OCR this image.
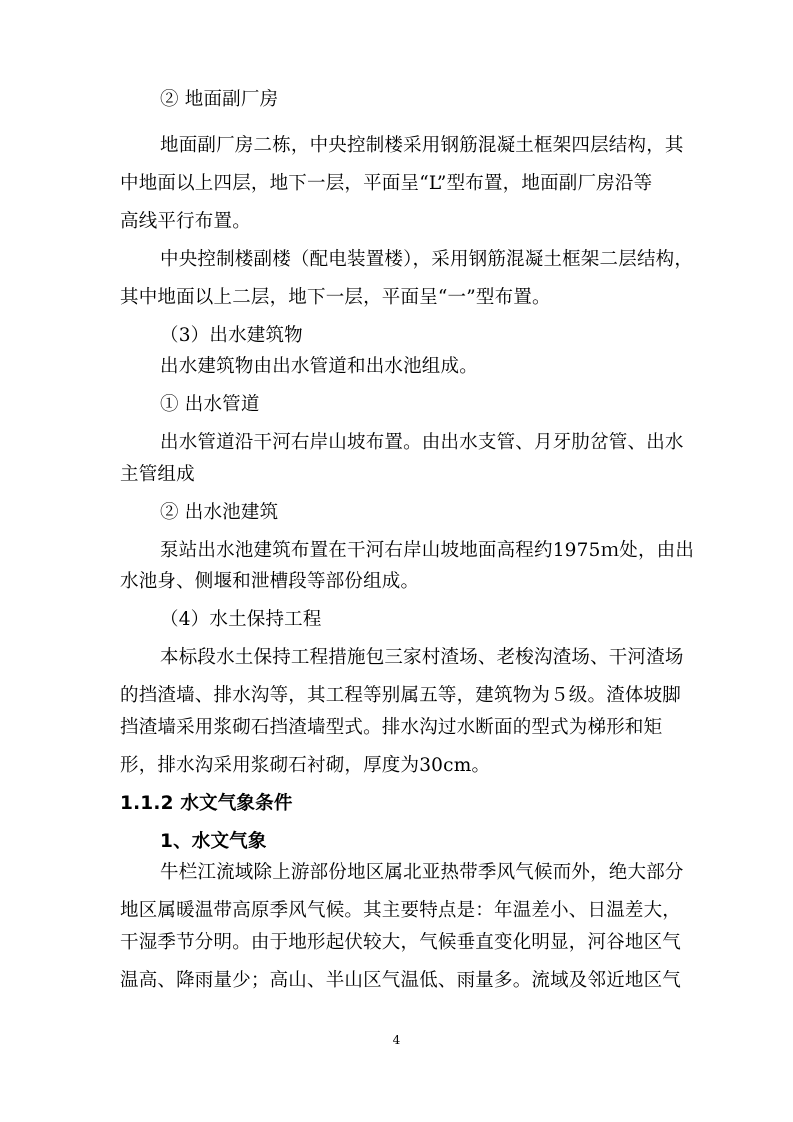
② 地面副厂房
地面副厂房二栋，中央控制楼采用钢筋混凝土框架四层结构，其
中地面以上四层，地下一层，平面呈“L”型布置，地面副厂房沿等
高线平行布置。
中央控制楼副楼（配电装置楼），采用钢筋混凝土框架二层结构，
其中地面以上二层，地下一层，平面呈“一”型布置。
（3）出水建筑物
出水建筑物由出水管道和出水池组成。
① 出水管道
出水管道沿干河右岸山坡布置。由出水支管、月牙肋岔管、出水
主管组成
② 出水池建筑
泵站出水池建筑布置在干河右岸山坡地面高程约1975ｍ处，由出
水池身、侧堰和泄槽段等部份组成。
（4）水土保持工程
本标段水土保持工程措施包三家村渣场、老梭沟渣场、干河渣场
的挡渣墙、排水沟等，其工程等别属五等，建筑物为５级。渣体坡脚
挡渣墙采用浆砌石挡渣墙型式。排水沟过水断面的型式为梯形和矩
形，排水沟采用浆砌石衬砌，厚度为30cm。
1.1.2 水文气象条件
1、水文气象
牛栏江流域除上游部份地区属北亚热带季风气候而外，绝大部分
地区属暖温带高原季风气候。其主要特点是：年温差小、日温差大，
干湿季节分明。由于地形起伏较大，气候垂直变化明显，河谷地区气
温高、降雨量少；高山、半山区气温低、雨量多。流域及邻近地区气
4
